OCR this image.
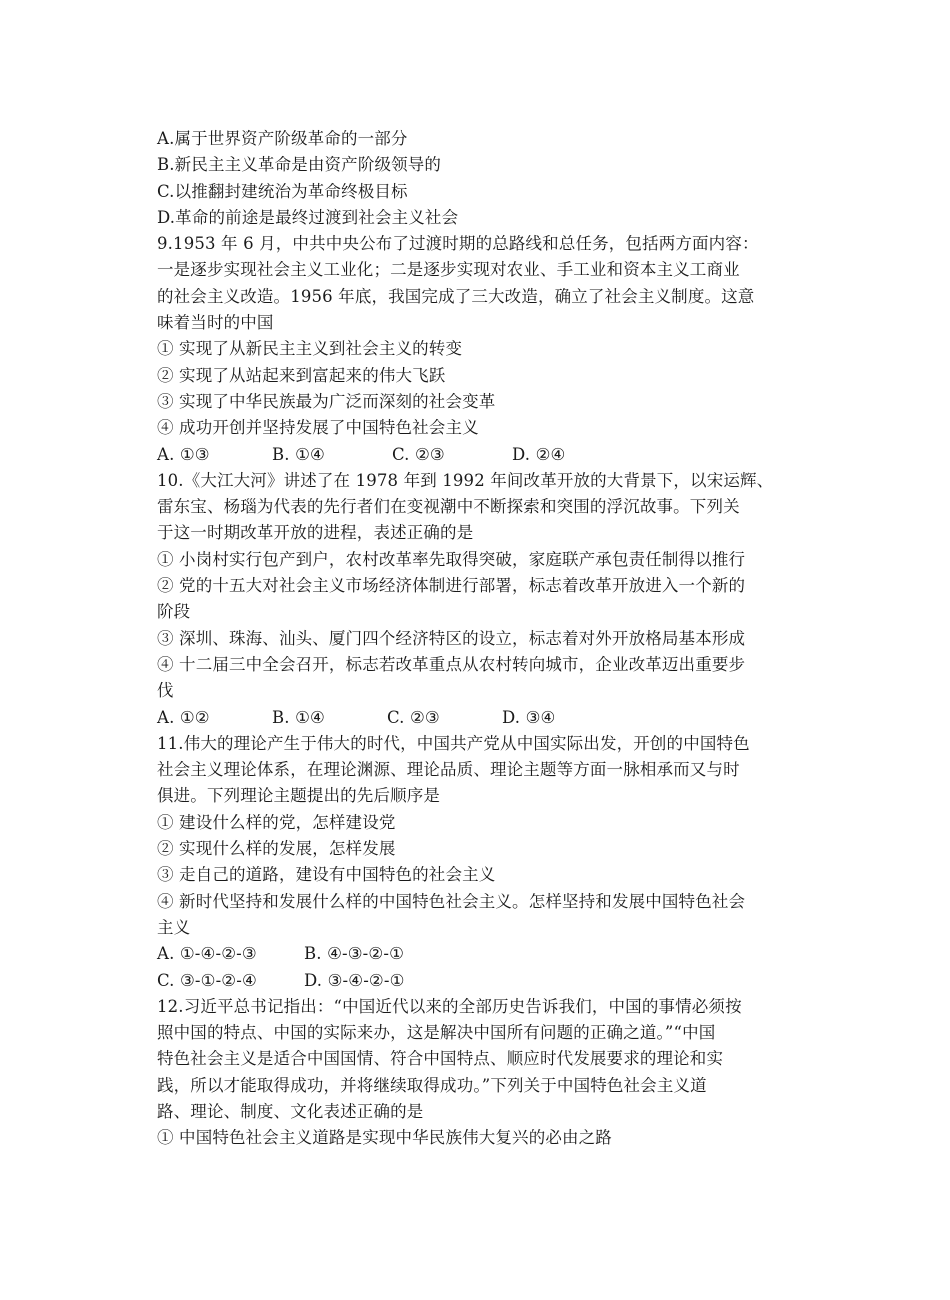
A.属于世界资产阶级革命的一部分
B.新民主主义革命是由资产阶级领导的
C.以推翻封建统治为革命终极目标
D.革命的前途是最终过渡到社会主义社会
9.1953 年 6 月，中共中央公布了过渡时期的总路线和总任务，包括两方面内容：
一是逐步实现社会主义工业化；二是逐步实现对农业、手工业和资本主义工商业
的社会主义改造。1956 年底，我国完成了三大改造，确立了社会主义制度。这意
味着当时的中国
① 实现了从新民主主义到社会主义的转变
② 实现了从站起来到富起来的伟大飞跃
③ 实现了中华民族最为广泛而深刻的社会变革
④ 成功开创并坚持发展了中国特色社会主义
A. ①③	B. ①④	C. ②③	D. ②④
10.《大江大河》讲述了在 1978 年到 1992 年间改革开放的大背景下，以宋运辉、
雷东宝、杨瑙为代表的先行者们在变视潮中不断探索和突围的浮沉故事。下列关
于这一时期改革开放的进程，表述正确的是
① 小岗村实行包产到户，农村改革率先取得突破，家庭联产承包责任制得以推行
② 党的十五大对社会主义市场经济体制进行部署，标志着改革开放进入一个新的
阶段
③ 深圳、珠海、汕头、厦门四个经济特区的设立，标志着对外开放格局基本形成
④ 十二届三中全会召开，标志若改革重点从农村转向城市，企业改革迈出重要步
伐
A. ①②	B. ①④	C. ②③	D. ③④
11.伟大的理论产生于伟大的时代，中国共产党从中国实际出发，开创的中国特色
社会主义理论体系，在理论渊源、理论品质、理论主题等方面一脉相承而又与时
俱进。下列理论主题提出的先后顺序是
① 建设什么样的党，怎样建设党
② 实现什么样的发展，怎样发展
③ 走自己的道路，建设有中国特色的社会主义
④ 新时代坚持和发展什么样的中国特色社会主义。怎样坚持和发展中国特色社会
主义
A. ①-④-②-③	B. ④-③-②-①
C. ③-①-②-④	D. ③-④-②-①
12.习近平总书记指出：“中国近代以来的全部历史告诉我们，中国的事情必须按
照中国的特点、中国的实际来办，这是解决中国所有问题的正确之道。”“中国
特色社会主义是适合中国国情、符合中国特点、顺应时代发展要求的理论和实
践，所以才能取得成功，并将继续取得成功。”下列关于中国特色社会主义道
路、理论、制度、文化表述正确的是
① 中国特色社会主义道路是实现中华民族伟大复兴的必由之路
